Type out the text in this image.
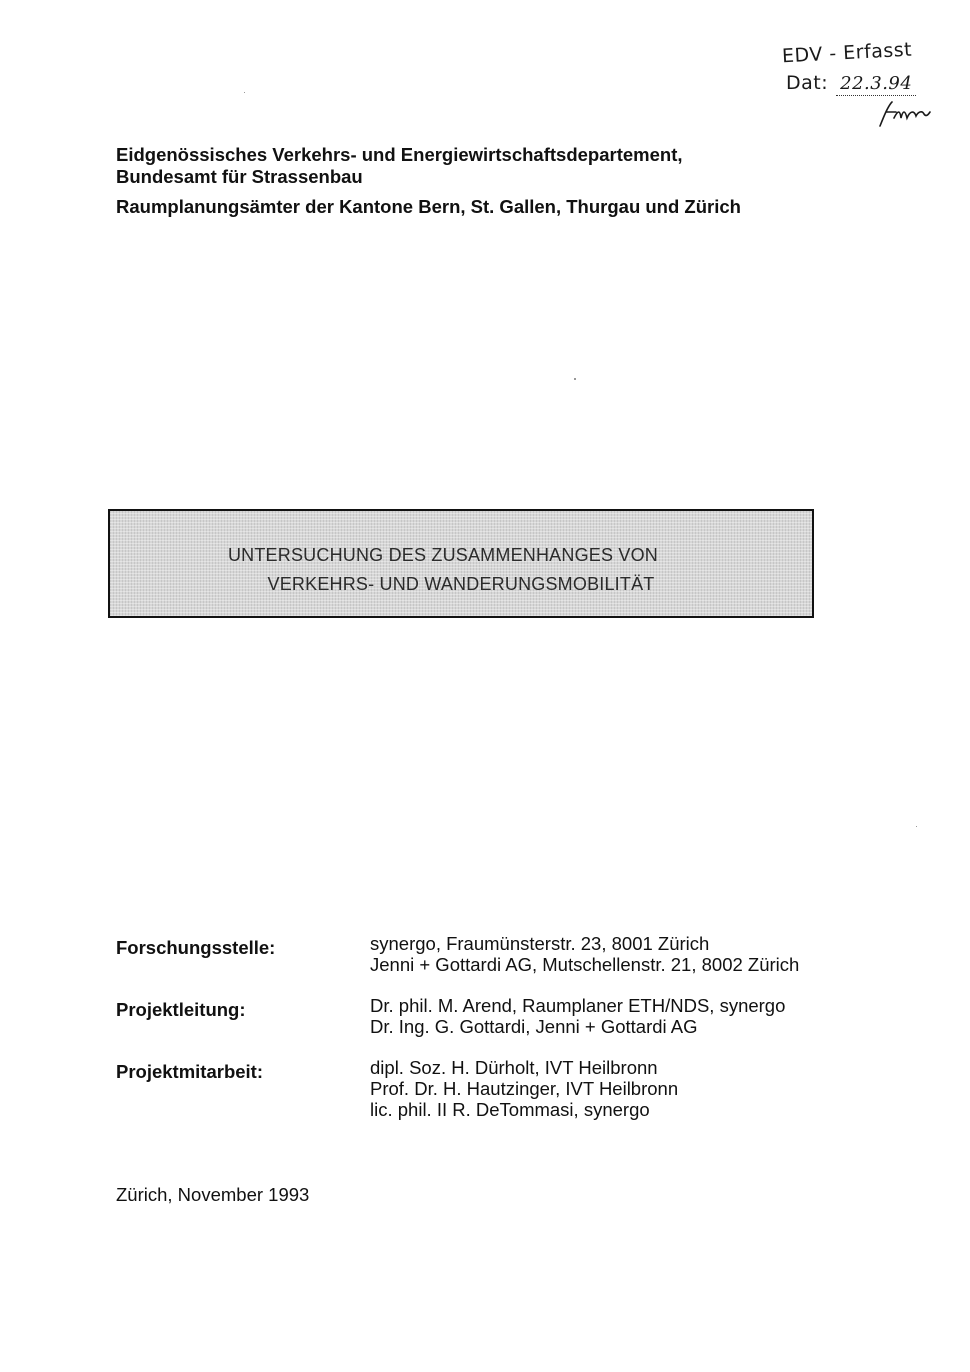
EDV - Erfasst
Dat: 22.3.94
Eidgenössisches Verkehrs- und Energiewirtschaftsdepartement,
Bundesamt für Strassenbau
Raumplanungsämter der Kantone Bern, St. Gallen, Thurgau und Zürich
UNTERSUCHUNG DES ZUSAMMENHANGES VON
VERKEHRS- UND WANDERUNGSMOBILITÄT
Forschungsstelle:	synergo, Fraumünsterstr. 23, 8001 Zürich
Jenni + Gottardi AG, Mutschellenstr. 21, 8002 Zürich
Projektleitung:	Dr. phil. M. Arend, Raumplaner ETH/NDS, synergo
Dr. Ing. G. Gottardi, Jenni + Gottardi AG
Projektmitarbeit:	dipl. Soz. H. Dürholt, IVT Heilbronn
Prof. Dr. H. Hautzinger, IVT Heilbronn
lic. phil. II R. DeTommasi, synergo
Zürich, November 1993
